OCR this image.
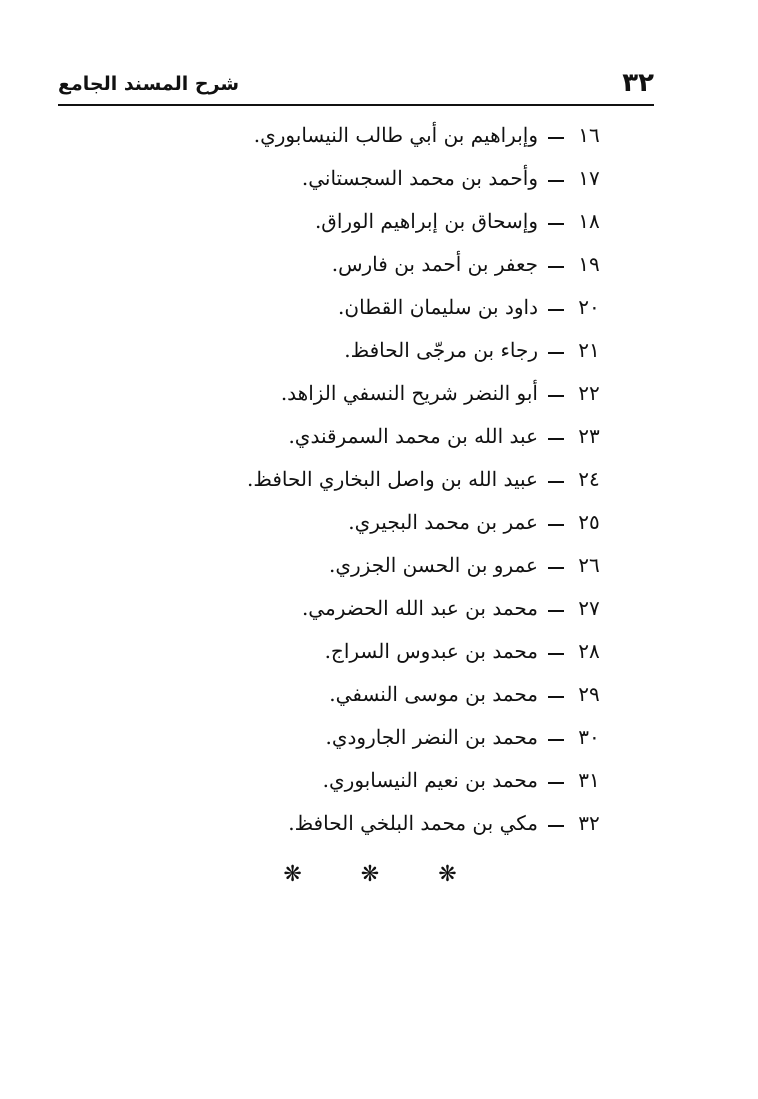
٣٢
شرح المسند الجامع
١٦
وإبراهيم بن أبي طالب النيسابوري.
١٧
وأحمد بن محمد السجستاني.
١٨
وإسحاق بن إبراهيم الوراق.
١٩
جعفر بن أحمد بن فارس.
٢٠
داود بن سليمان القطان.
٢١
رجاء بن مرجّى الحافظ.
٢٢
أبو النضر شريح النسفي الزاهد.
٢٣
عبد الله بن محمد السمرقندي.
٢٤
عبيد الله بن واصل البخاري الحافظ.
٢٥
عمر بن محمد البجيري.
٢٦
عمرو بن الحسن الجزري.
٢٧
محمد بن عبد الله الحضرمي.
٢٨
محمد بن عبدوس السراج.
٢٩
محمد بن موسى النسفي.
٣٠
محمد بن النضر الجارودي.
٣١
محمد بن نعيم النيسابوري.
٣٢
مكي بن محمد البلخي الحافظ.
❋ ❋ ❋
